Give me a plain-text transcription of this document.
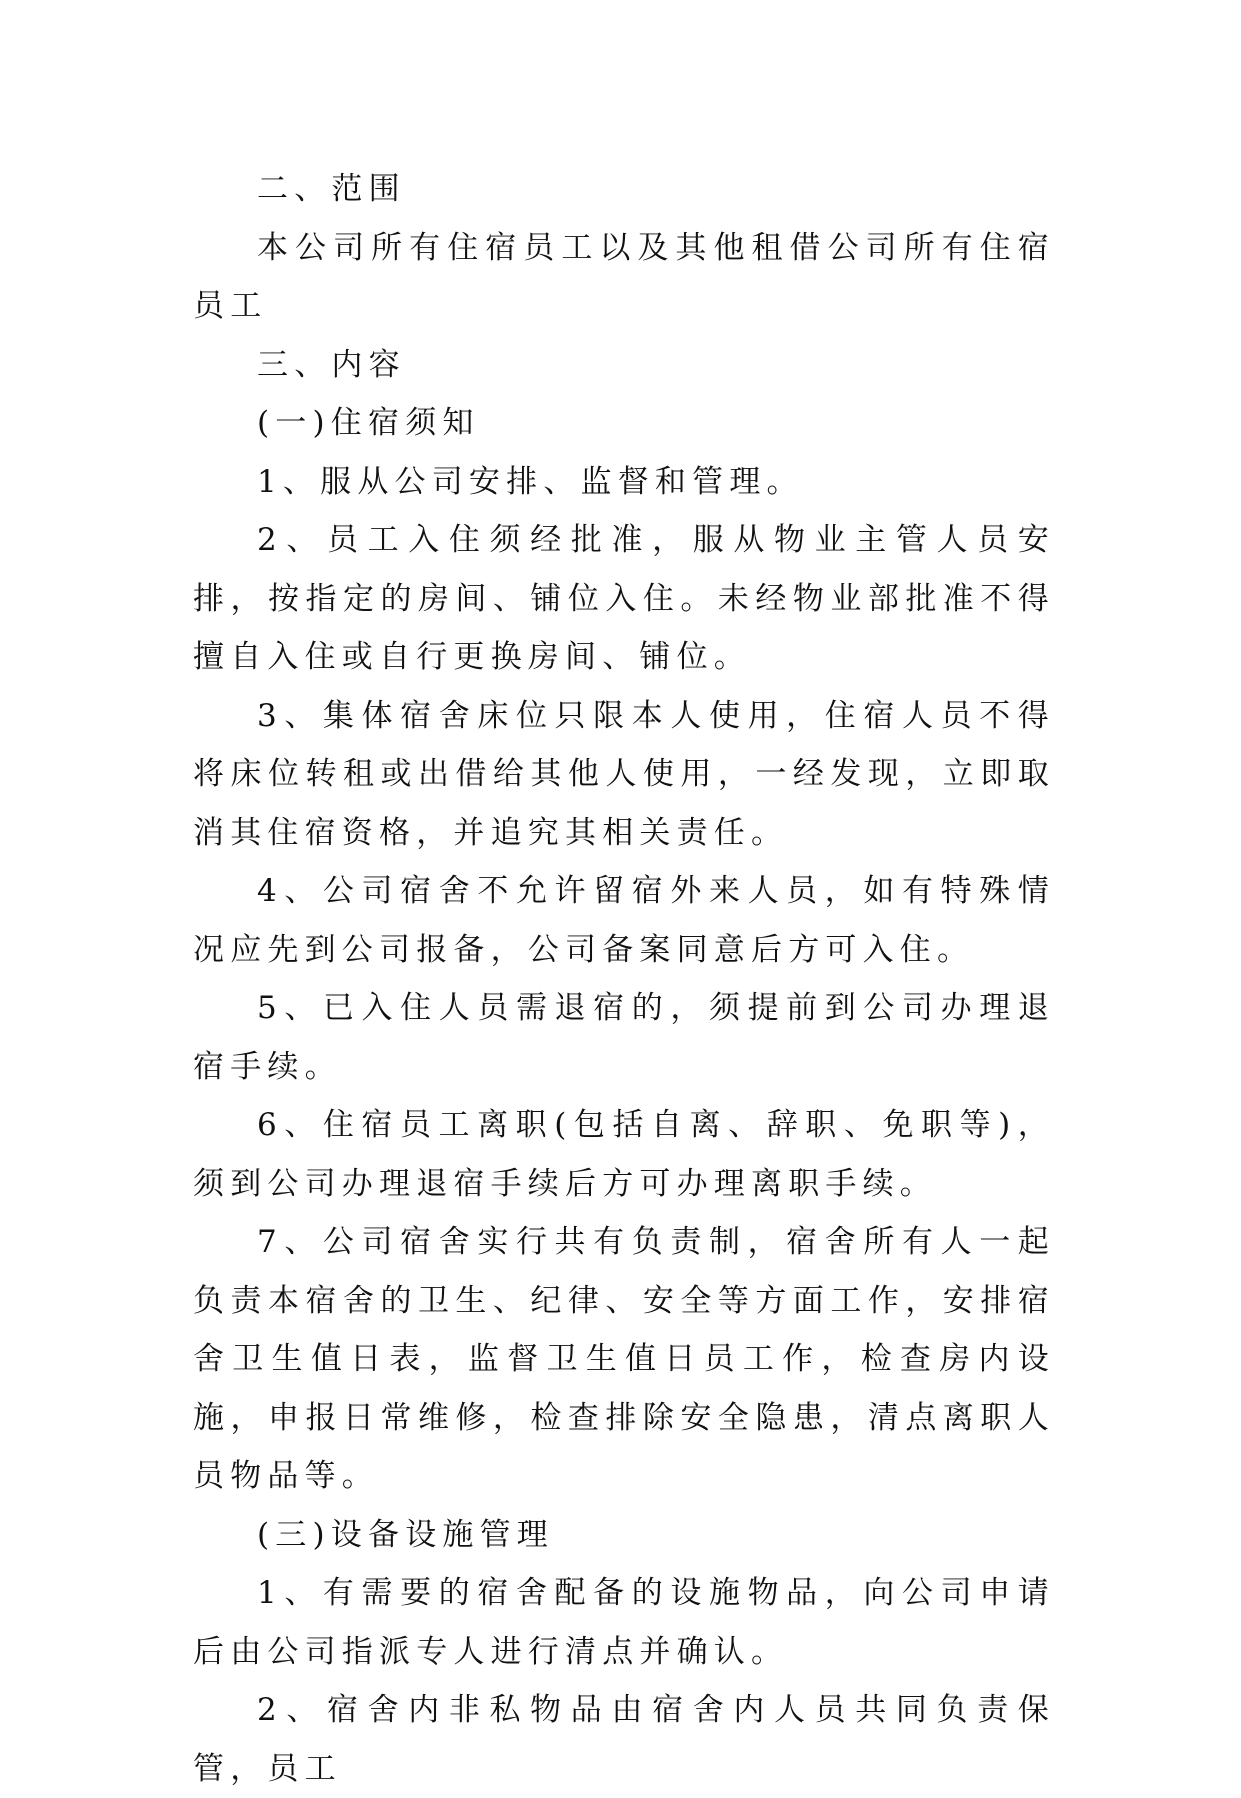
二、范围

本公司所有住宿员工以及其他租借公司所有住宿员工

三、内容

(一)住宿须知

1、服从公司安排、监督和管理。

2、员工入住须经批准，服从物业主管人员安排，按指定的房间、铺位入住。未经物业部批准不得擅自入住或自行更换房间、铺位。

3、集体宿舍床位只限本人使用，住宿人员不得将床位转租或出借给其他人使用，一经发现，立即取消其住宿资格，并追究其相关责任。

4、公司宿舍不允许留宿外来人员，如有特殊情况应先到公司报备，公司备案同意后方可入住。

5、已入住人员需退宿的，须提前到公司办理退宿手续。

6、住宿员工离职(包括自离、辞职、免职等)，须到公司办理退宿手续后方可办理离职手续。

7、公司宿舍实行共有负责制，宿舍所有人一起负责本宿舍的卫生、纪律、安全等方面工作，安排宿舍卫生值日表，监督卫生值日员工作，检查房内设施，申报日常维修，检查排除安全隐患，清点离职人员物品等。

(三)设备设施管理

1、有需要的宿舍配备的设施物品，向公司申请后由公司指派专人进行清点并确认。

2、宿舍内非私物品由宿舍内人员共同负责保管，员工
